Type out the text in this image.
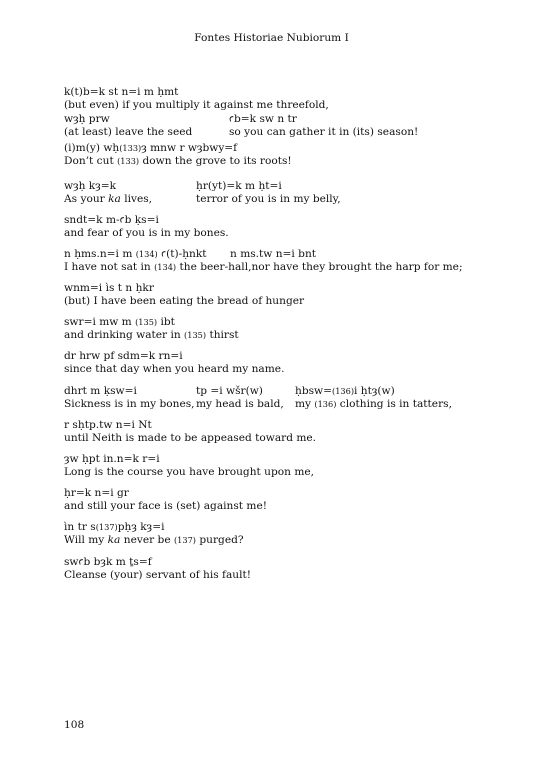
Fontes Historiae Nubiorum I
k(t)b=k st n=i m ḥmt
(but even) if you multiply it against me threefold,
wȝḥ prw	ꜥb=k sw n tr
(at least) leave the seed	so you can gather it in (its) season!
(i)m(y) wḥ(133)ȝ mnw r wȝbwy=f
Don’t cut (133) down the grove to its roots!
wȝḥ kȝ=k	ḥr(yt)=k m ḥt=i
As your ka lives,	terror of you is in my belly,
sndt=k m-ꜥb ḳs=i
and fear of you is in my bones.
n ḥms.n=i m (134) ꜥ(t)-ḥnkt n ms.tw n=i bnt
I have not sat in (134) the beer-hall,nor have they brought the harp for me;
wnm=i ìs t n ḥkr
(but) I have been eating the bread of hunger
swr=i mw m (135) ibt
and drinking water in (135) thirst
dr hrw pf sdm=k rn=i
since that day when you heard my name.
dhrt m ḳsw=i	tp =i wšr(w)	ḥbsw=(136)i ḥtȝ(w)
Sickness is in my bones, my head is bald, my (136) clothing is in tatters,
r sḥtp.tw n=i Nt
until Neith is made to be appeased toward me.
ȝw ḥpt in.n=k r=i
Long is the course you have brought upon me,
ḥr=k n=i gr
and still your face is (set) against me!
ìn tr s(137)pḥȝ kȝ=i
Will my ka never be (137) purged?
swꜥb bȝk m ṯs=f
Cleanse (your) servant of his fault!
108
